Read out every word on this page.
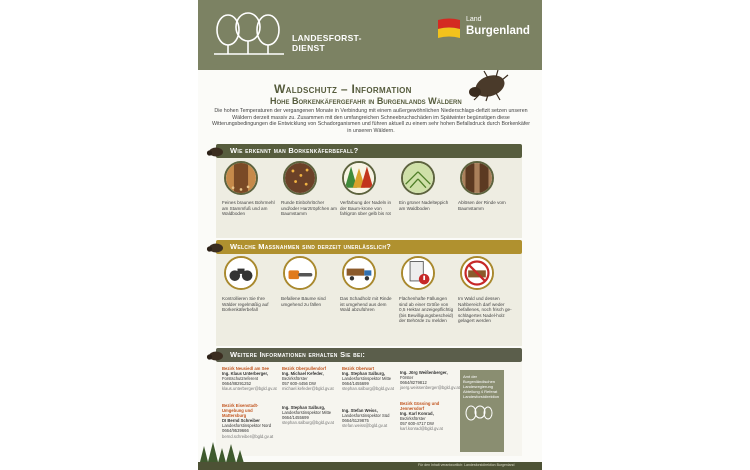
LANDESFORST-
DIENST
Land
Burgenland
Waldschutz – Information
Hohe Borkenkäfergefahr in Burgenlands Wäldern
Die hohen Temperaturen der vergangenen Monate in Verbindung mit einem außergewöhnlichen Niederschlags-defizit setzen unseren Wäldern derzeit massiv zu. Zusammen mit den umfangreichen Schneebruchschäden im Spätwinter begünstigen diese Witterungsbedingungen die Entwicklung von Schadorganismen und führen aktuell zu einem sehr hohen Befallsdruck durch Borkenkäfer in unseren Wäldern.
Wie erkennt man Borkenkäferbefall?
Feines braunes Bohrmehl am Stammfuß und am Waldboden
Runde Einbohrlöcher und/oder Harztröpfchen am Baumstamm
Verfärbung der Nadeln in der Baum-krone von fahlgrün über gelb bis rot
Ein grüner Nadelteppich am Waldboden
Ablösen der Rinde vom Baumstamm
Welche Massnahmen sind derzeit unerlässlich?
Kontrollieren Sie Ihre Wälder regelmäßig auf Borkenkäferbefall
Befallene Bäume sind umgehend zu fällen
Das Schadholz mit Rinde ist umgehend aus dem Wald abzuführen
Flächenhafte Fällungen sind ab einer Größe von 0,5 Hektar anzeigepflichtig (bis Bewilligungsbescheid) der Behörde zu melden
Im Wald und dessen Nahbereich darf weder befallenes, noch frisch ge-schlägertes Nadel-holz gelagert werden
Weitere Informationen erhalten Sie bei:
Bezirk Neusiedl am See
Ing. Klaus Unterberger,
Forstschutzreferent
0664/88291252
klaus.unterberger@bgld.gv.at
Bezirk Eisenstadt-Umgebung und Mattersburg
DI Bernd Schreiber
Landesforstinspektor Nord
0664/9539666
bernd.schreiber@bgld.gv.at
Bezirk Oberpullendorf
Ing. Michael Kefeder,
Bezirksförster
057 600-4456 DW
michael.kefeder@bgld.gv.at
Ing. Stephan Salburg,
Landesforstinspektor Mitte
0664/1455699
stephan.salburg@bgld.gv.at
Bezirk Oberwart
Ing. Stephan Salburg,
Landesforstinspektor Mitte
0664/1455699
stephan.salburg@bgld.gv.at
Ing. Stefan Weiss,
Landesforstinspektor Süd
0664/6129875
stefan.weiss@bgld.gv.at
Ing. Jörg Weißenberger,
Förster
0664/8279812
joerg.weissenberger@bgld.gv.at
Bezirk Güssing und Jennersdorf
Ing. Karl Konrad,
Bezirksförster
057 600-4717 DW
karl.konrad@bgld.gv.at
Amt der Burgenländischen Landesregierung Abteilung 4 Referat Landesforstdirektion
Für den Inhalt verantwortlich: Landesforstdirektion Burgenland
